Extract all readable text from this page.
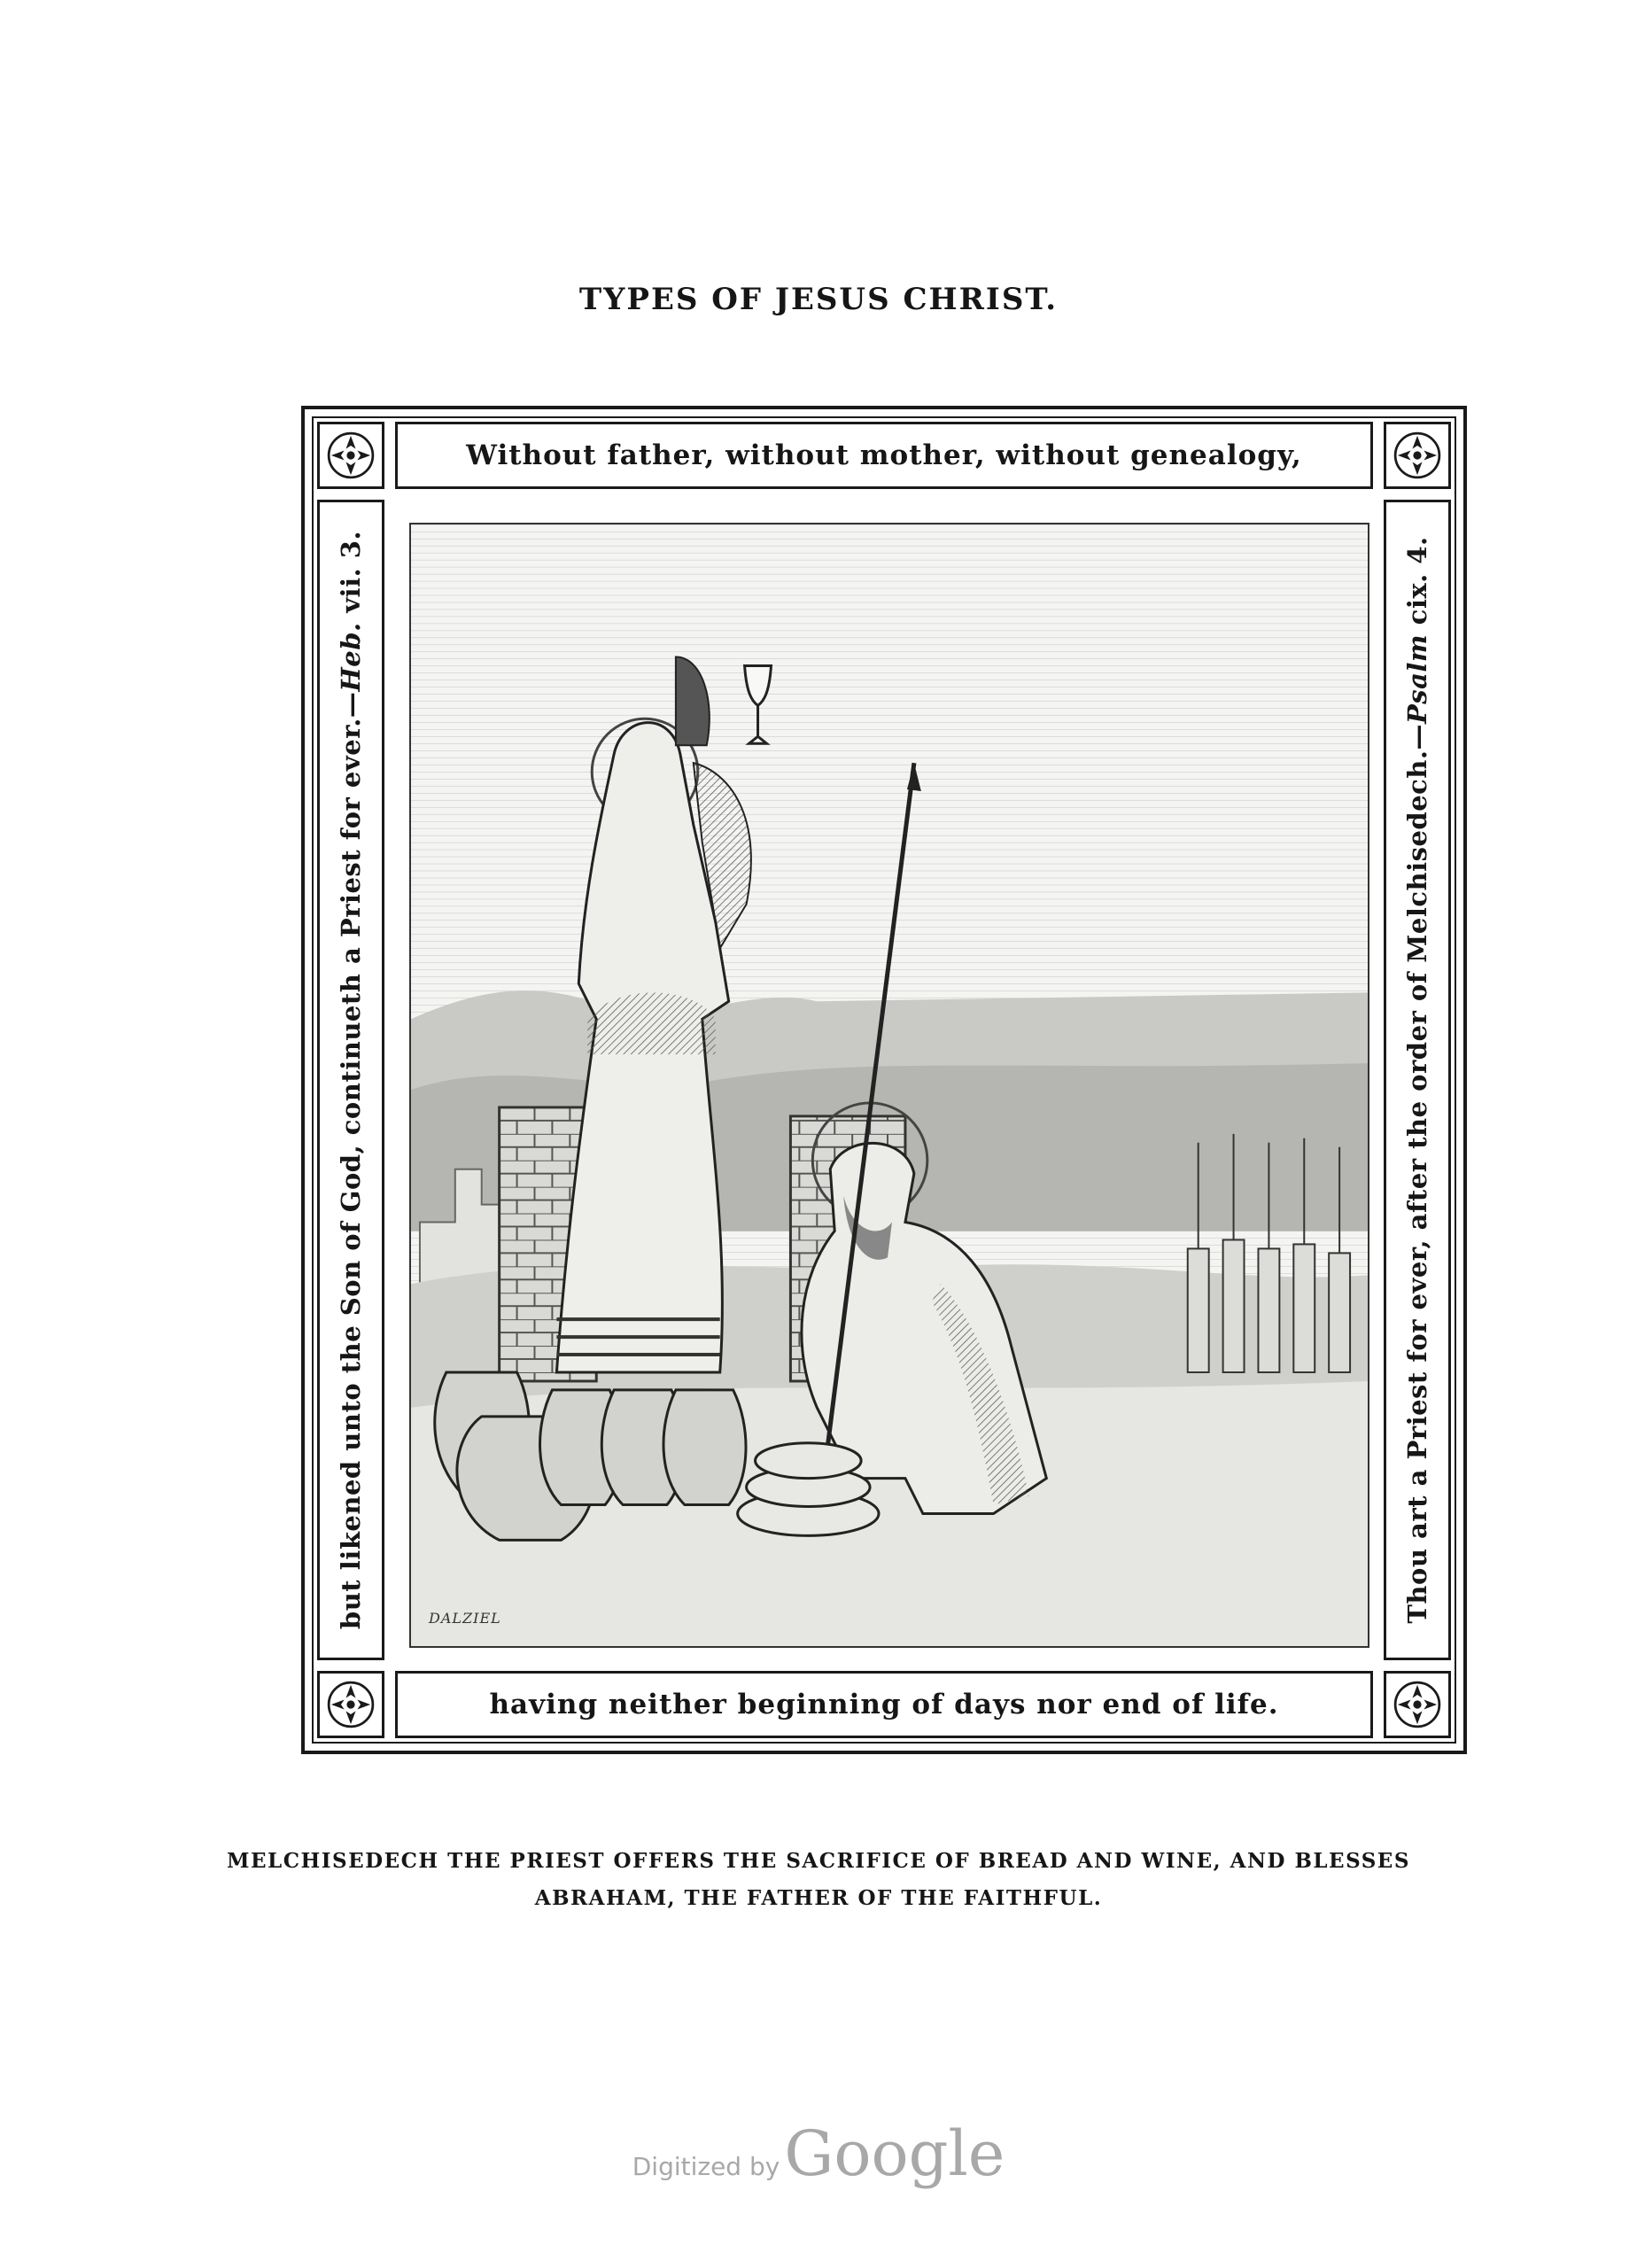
TYPES OF JESUS CHRIST.
Without father, without mother, without genealogy,
having neither beginning of days nor end of life.
but likened unto the Son of God, continueth a Priest for ever.—Heb. vii. 3.
Thou art a Priest for ever, after the order of Melchisedech.—Psalm cix. 4.
DALZIEL
MELCHISEDECH THE PRIEST OFFERS THE SACRIFICE OF BREAD AND WINE, AND BLESSES
ABRAHAM, THE FATHER OF THE FAITHFUL.
Digitized by Google
